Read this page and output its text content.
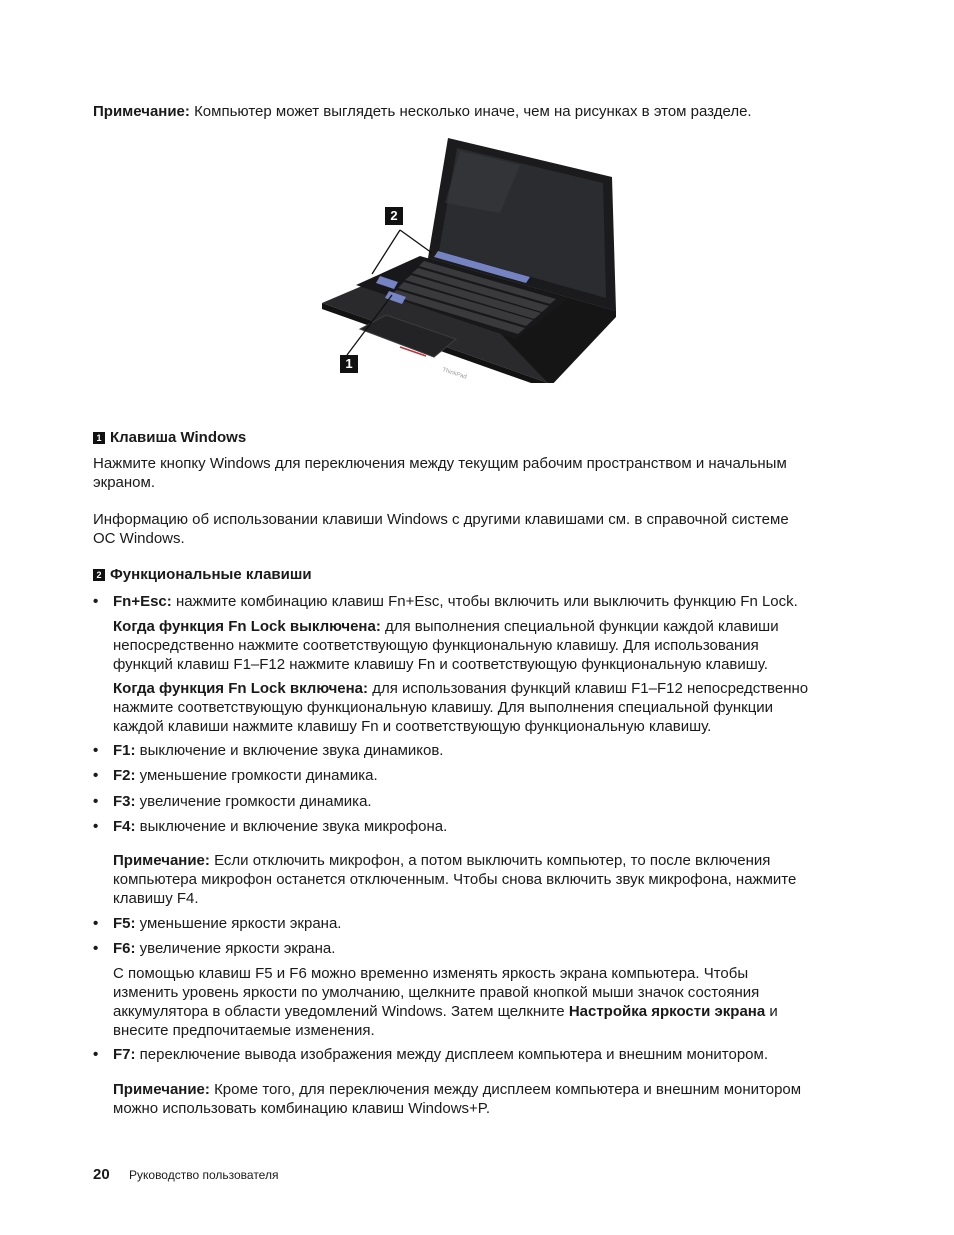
Примечание: Компьютер может выглядеть несколько иначе, чем на рисунках в этом разделе.
ThinkPad
2
1
1 Клавиша Windows
Нажмите кнопку Windows для переключения между текущим рабочим пространством и начальным
экраном.
Информацию об использовании клавиши Windows с другими клавишами см. в справочной системе
ОС Windows.
2 Функциональные клавиши
• Fn+Esc: нажмите комбинацию клавиш Fn+Esc, чтобы включить или выключить функцию Fn Lock.
Когда функция Fn Lock выключена: для выполнения специальной функции каждой клавиши
непосредственно нажмите соответствующую функциональную клавишу. Для использования
функций клавиш F1–F12 нажмите клавишу Fn и соответствующую функциональную клавишу.
Когда функция Fn Lock включена: для использования функций клавиш F1–F12 непосредственно
нажмите соответствующую функциональную клавишу. Для выполнения специальной функции
каждой клавиши нажмите клавишу Fn и соответствующую функциональную клавишу.
• F1: выключение и включение звука динамиков.
• F2: уменьшение громкости динамика.
• F3: увеличение громкости динамика.
• F4: выключение и включение звука микрофона.
Примечание: Если отключить микрофон, а потом выключить компьютер, то после включения
компьютера микрофон останется отключенным. Чтобы снова включить звук микрофона, нажмите
клавишу F4.
• F5: уменьшение яркости экрана.
• F6: увеличение яркости экрана.
С помощью клавиш F5 и F6 можно временно изменять яркость экрана компьютера. Чтобы
изменить уровень яркости по умолчанию, щелкните правой кнопкой мыши значок состояния
аккумулятора в области уведомлений Windows. Затем щелкните Настройка яркости экрана и
внесите предпочитаемые изменения.
• F7: переключение вывода изображения между дисплеем компьютера и внешним монитором.
Примечание: Кроме того, для переключения между дисплеем компьютера и внешним монитором
можно использовать комбинацию клавиш Windows+P.
20 Руководство пользователя
